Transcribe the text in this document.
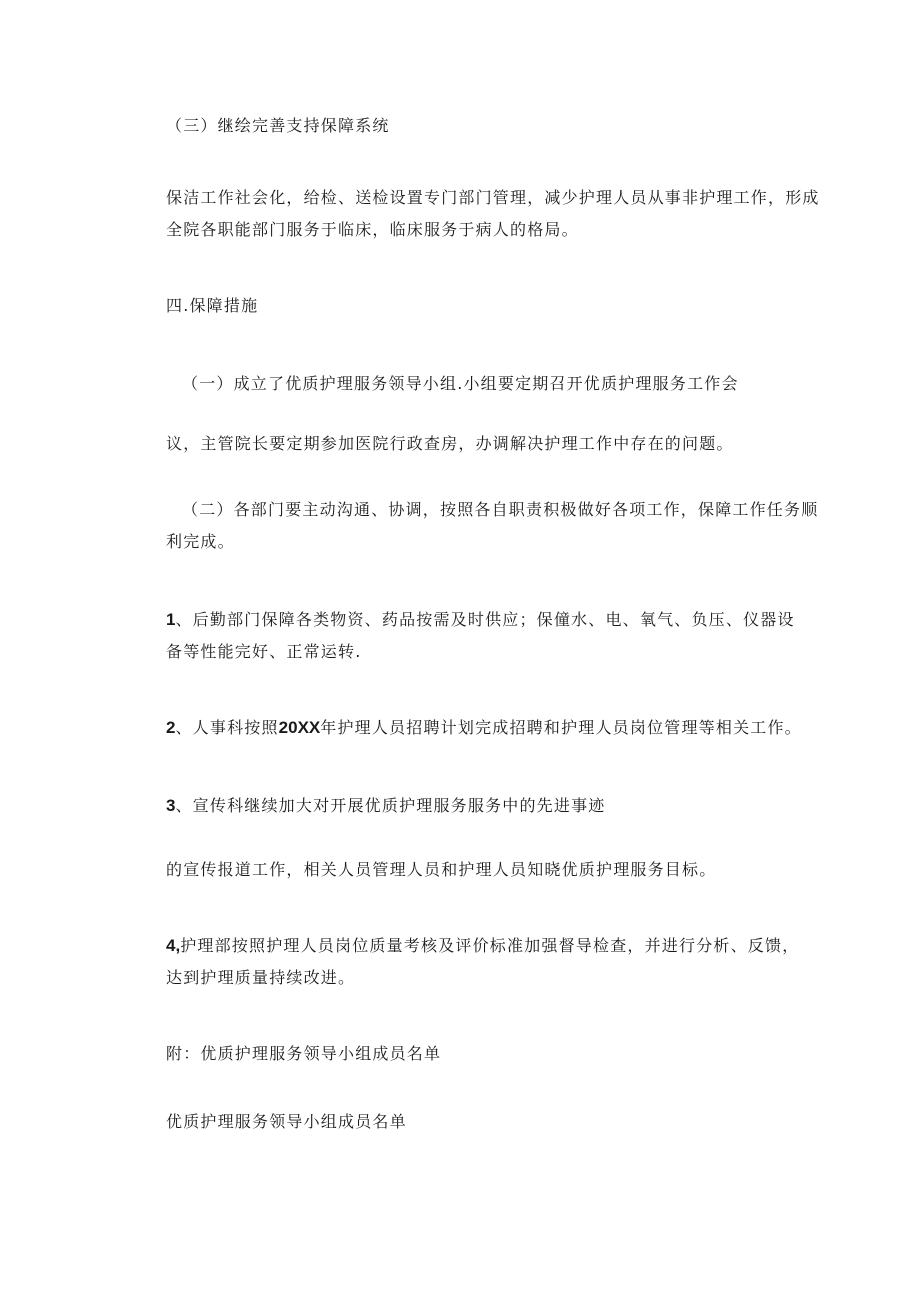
（三）继绘完善支持保障系统

保洁工作社会化，给检、送检设置专门部门管理，减少护理人员从事非护理工作，形成
全院各职能部门服务于临床，临床服务于病人的格局。

四.保障措施

（一）成立了优质护理服务领导小组.小组要定期召开优质护理服务工作会

议，主管院长要定期参加医院行政查房，办调解决护理工作中存在的问题。

（二）各部门要主动沟通、协调，按照各自职责积极做好各项工作，保障工作任务顺
利完成。

1、后勤部门保障各类物资、药品按需及时供应；保僮水、电、氧气、负压、仪器设
备等性能完好、正常运转.

2、人事科按照20XX年护理人员招聘计划完成招聘和护理人员岗位管理等相关工作。

3、宣传科继续加大对开展优质护理服务服务中的先进事迹

的宣传报道工作，相关人员管理人员和护理人员知晓优质护理服务目标。

4,护理部按照护理人员岗位质量考核及评价标准加强督导检查，并进行分析、反馈，
达到护理质量持续改进。

附：优质护理服务领导小组成员名单

优质护理服务领导小组成员名单
